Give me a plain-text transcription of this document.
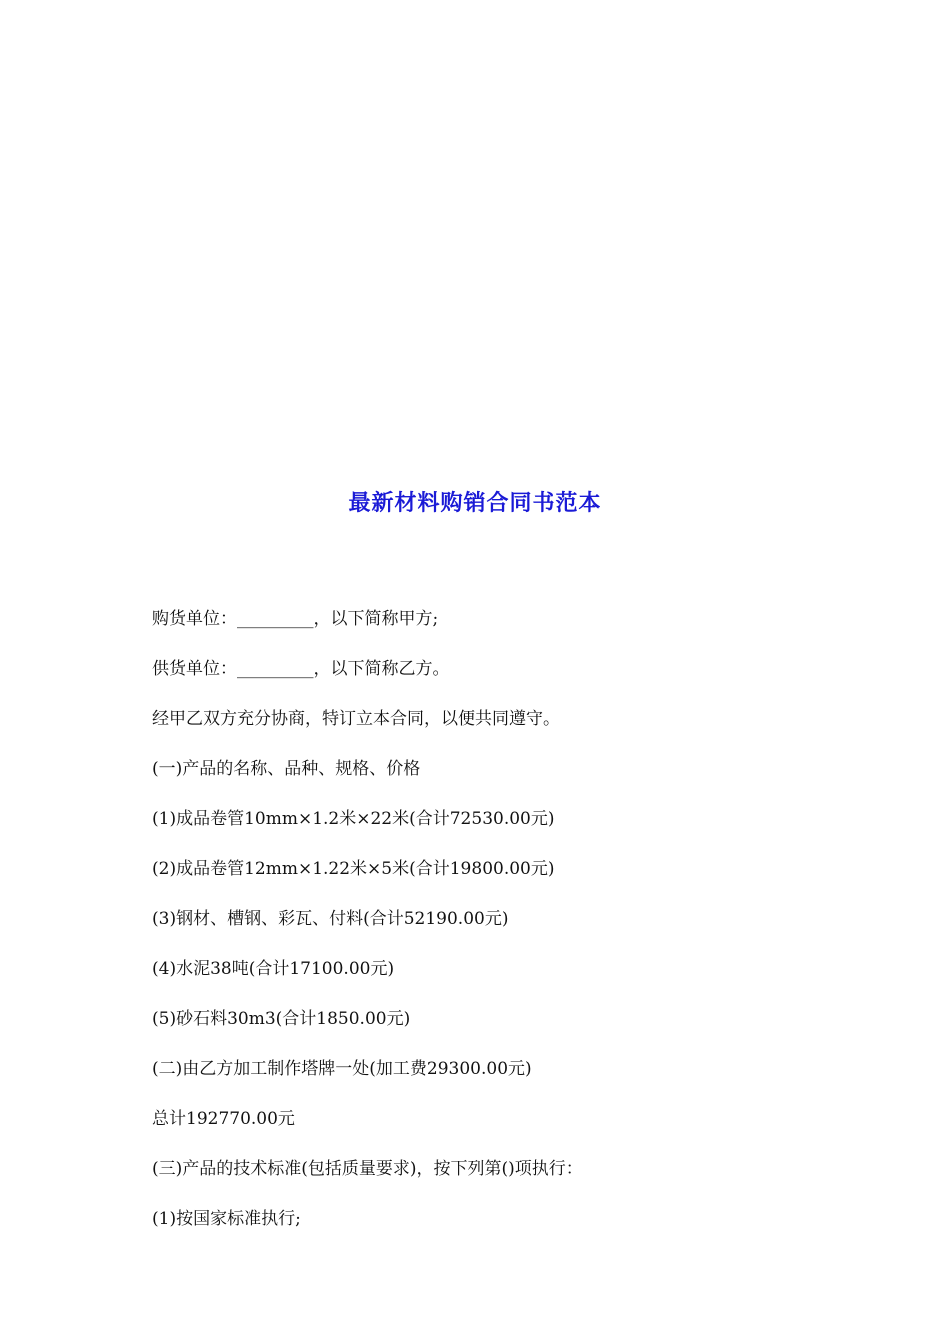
最新材料购销合同书范本
购货单位：_________，以下简称甲方;
供货单位：_________，以下简称乙方。
经甲乙双方充分协商，特订立本合同，以便共同遵守。
(一)产品的名称、品种、规格、价格
(1)成品卷管10mm×1.2米×22米(合计72530.00元)
(2)成品卷管12mm×1.22米×5米(合计19800.00元)
(3)钢材、槽钢、彩瓦、付料(合计52190.00元)
(4)水泥38吨(合计17100.00元)
(5)砂石料30m3(合计1850.00元)
(二)由乙方加工制作塔牌一处(加工费29300.00元)
总计192770.00元
(三)产品的技术标准(包括质量要求)，按下列第()项执行：
(1)按国家标准执行;
